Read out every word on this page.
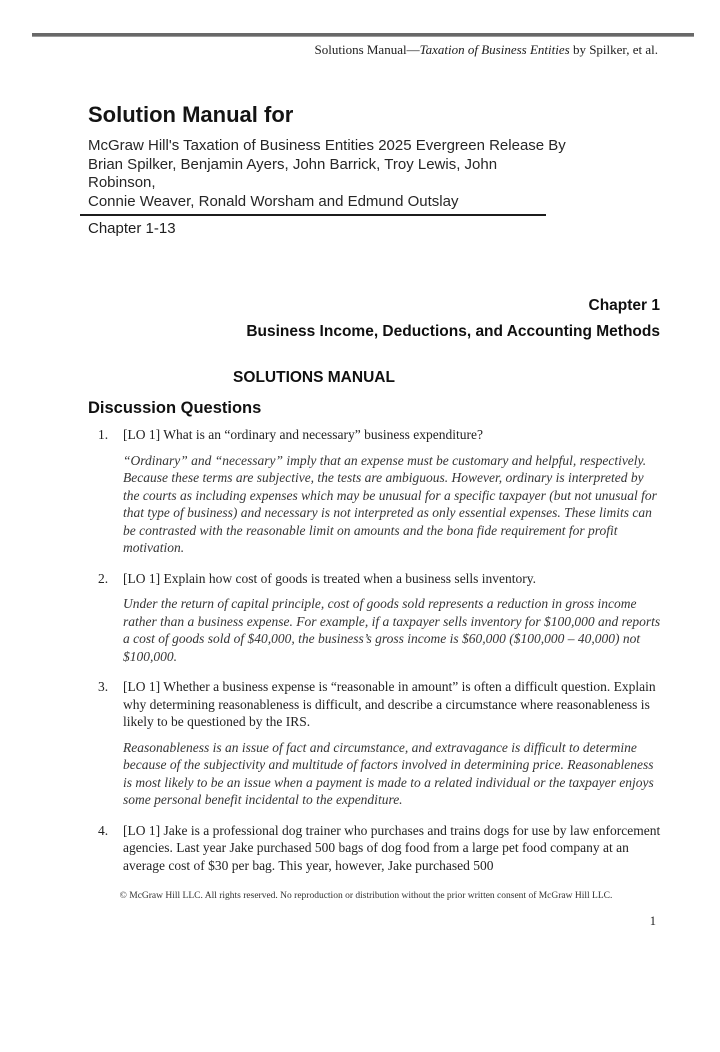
Solutions Manual—Taxation of Business Entities by Spilker, et al.
Solution Manual for
McGraw Hill's Taxation of Business Entities 2025 Evergreen Release By
Brian Spilker, Benjamin Ayers, John Barrick, Troy Lewis, John Robinson,
Connie Weaver, Ronald Worsham and Edmund Outslay
Chapter 1-13
Chapter 1
Business Income, Deductions, and Accounting Methods
SOLUTIONS MANUAL
Discussion Questions
1.	[LO 1] What is an “ordinary and necessary” business expenditure?

“Ordinary” and “necessary” imply that an expense must be customary and helpful, respectively. Because these terms are subjective, the tests are ambiguous. However, ordinary is interpreted by the courts as including expenses which may be unusual for a specific taxpayer (but not unusual for that type of business) and necessary is not interpreted as only essential expenses. These limits can be contrasted with the reasonable limit on amounts and the bona fide requirement for profit motivation.

2.	[LO 1] Explain how cost of goods is treated when a business sells inventory.

Under the return of capital principle, cost of goods sold represents a reduction in gross income rather than a business expense. For example, if a taxpayer sells inventory for $100,000 and reports a cost of goods sold of $40,000, the business’s gross income is $60,000 ($100,000 – 40,000) not $100,000.

3.	[LO 1] Whether a business expense is “reasonable in amount” is often a difficult question. Explain why determining reasonableness is difficult, and describe a circumstance where reasonableness is likely to be questioned by the IRS.

Reasonableness is an issue of fact and circumstance, and extravagance is difficult to determine because of the subjectivity and multitude of factors involved in determining price. Reasonableness is most likely to be an issue when a payment is made to a related individual or the taxpayer enjoys some personal benefit incidental to the expenditure.

4.	[LO 1] Jake is a professional dog trainer who purchases and trains dogs for use by law enforcement agencies. Last year Jake purchased 500 bags of dog food from a large pet food company at an average cost of $30 per bag. This year, however, Jake purchased 500

© McGraw Hill LLC. All rights reserved. No reproduction or distribution without the prior written consent of McGraw Hill LLC.
1
